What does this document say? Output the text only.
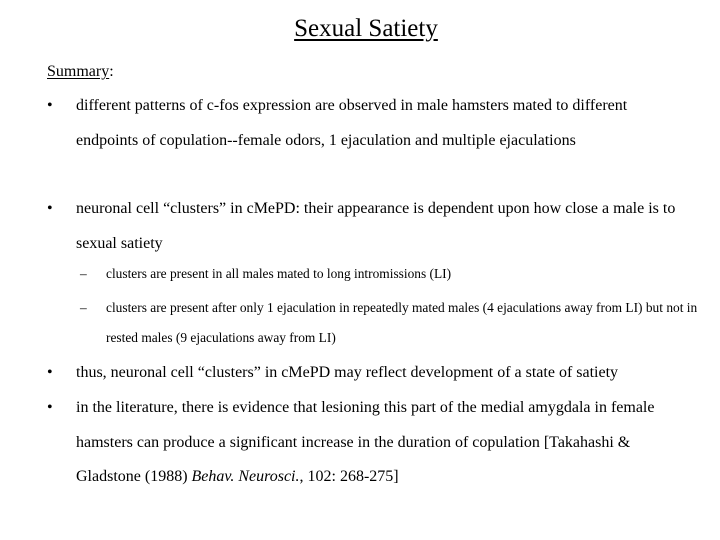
Sexual Satiety
Summary:
• different patterns of c-fos expression are observed in male hamsters mated to different endpoints of copulation--female odors, 1 ejaculation and multiple ejaculations
• neuronal cell “clusters” in cMePD: their appearance is dependent upon how close a male is to sexual satiety
– clusters are present in all males mated to long intromissions (LI)
– clusters are present after only 1 ejaculation in repeatedly mated males (4 ejaculations away from LI) but not in rested males (9 ejaculations away from LI)
• thus, neuronal cell “clusters” in cMePD may reflect development of a state of satiety
• in the literature, there is evidence that lesioning this part of the medial amygdala in female hamsters can produce a significant increase in the duration of copulation [Takahashi & Gladstone (1988) Behav. Neurosci., 102: 268-275]
